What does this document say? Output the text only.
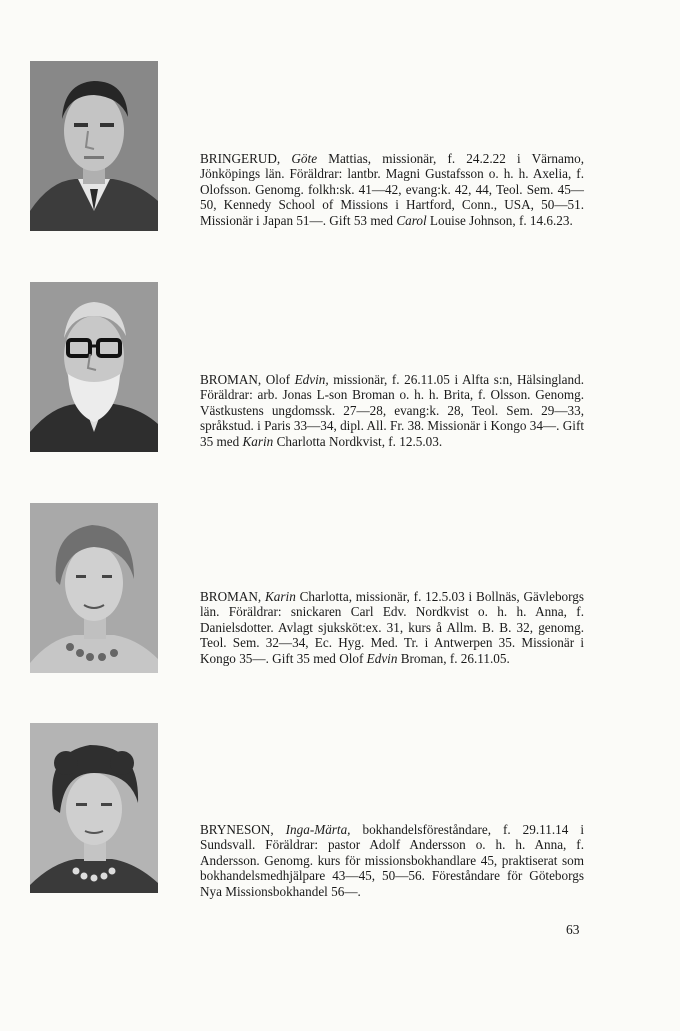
BRINGERUD, Göte Mattias, missionär, f. 24.2.22 i Värnamo, Jönköpings län. Föräldrar: lantbr. Magni Gustafsson o. h. h. Axelia, f. Olofsson. Genomg. folkh:sk. 41—42, evang:k. 42, 44, Teol. Sem. 45—50, Kennedy School of Missions i Hartford, Conn., USA, 50—51. Missionär i Japan 51—. Gift 53 med Carol Louise Johnson, f. 14.6.23.

BROMAN, Olof Edvin, missionär, f. 26.11.05 i Alfta s:n, Hälsingland. Föräldrar: arb. Jonas L-son Broman o. h. h. Brita, f. Olsson. Genomg. Västkustens ungdomssk. 27—28, evang:k. 28, Teol. Sem. 29—33, språkstud. i Paris 33—34, dipl. All. Fr. 38. Missionär i Kongo 34—. Gift 35 med Karin Charlotta Nordkvist, f. 12.5.03.

BROMAN, Karin Charlotta, missionär, f. 12.5.03 i Bollnäs, Gävleborgs län. Föräldrar: snickaren Carl Edv. Nordkvist o. h. h. Anna, f. Danielsdotter. Avlagt sjuksköt:ex. 31, kurs å Allm. B. B. 32, genomg. Teol. Sem. 32—34, Ec. Hyg. Med. Tr. i Antwerpen 35. Missionär i Kongo 35—. Gift 35 med Olof Edvin Broman, f. 26.11.05.

BRYNESON, Inga-Märta, bokhandelsföreståndare, f. 29.11.14 i Sundsvall. Föräldrar: pastor Adolf Andersson o. h. h. Anna, f. Andersson. Genomg. kurs för missionsbokhandlare 45, praktiserat som bokhandelsmedhjälpare 43—45, 50—56. Föreståndare för Göteborgs Nya Missionsbokhandel 56—.

63
